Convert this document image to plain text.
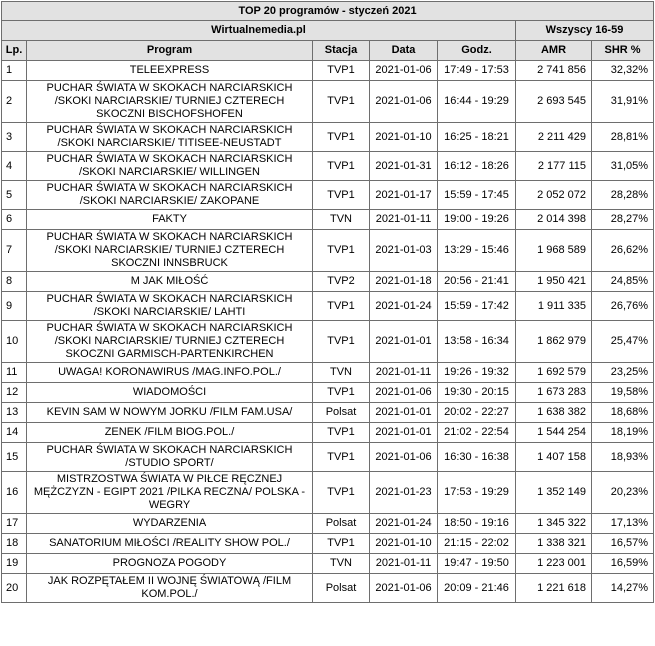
TOP 20 programów - styczeń 2021						
Wirtualnemedia.pl					Wszyscy 16-59	
Lp.	Program	Stacja	Data	Godz.	AMR	SHR %
1	TELEEXPRESS	TVP1	2021-01-06	17:49 - 17:53	2 741 856	32,32%
2	PUCHAR ŚWIATA W SKOKACH NARCIARSKICH /SKOKI NARCIARSKIE/ TURNIEJ CZTERECH SKOCZNI BISCHOFSHOFEN	TVP1	2021-01-06	16:44 - 19:29	2 693 545	31,91%
3	PUCHAR ŚWIATA W SKOKACH NARCIARSKICH /SKOKI NARCIARSKIE/ TITISEE-NEUSTADT	TVP1	2021-01-10	16:25 - 18:21	2 211 429	28,81%
4	PUCHAR ŚWIATA W SKOKACH NARCIARSKICH /SKOKI NARCIARSKIE/ WILLINGEN	TVP1	2021-01-31	16:12 - 18:26	2 177 115	31,05%
5	PUCHAR ŚWIATA W SKOKACH NARCIARSKICH /SKOKI NARCIARSKIE/ ZAKOPANE	TVP1	2021-01-17	15:59 - 17:45	2 052 072	28,28%
6	FAKTY	TVN	2021-01-11	19:00 - 19:26	2 014 398	28,27%
7	PUCHAR ŚWIATA W SKOKACH NARCIARSKICH /SKOKI NARCIARSKIE/ TURNIEJ CZTERECH SKOCZNI INNSBRUCK	TVP1	2021-01-03	13:29 - 15:46	1 968 589	26,62%
8	M JAK MIŁOŚĆ	TVP2	2021-01-18	20:56 - 21:41	1 950 421	24,85%
9	PUCHAR ŚWIATA W SKOKACH NARCIARSKICH /SKOKI NARCIARSKIE/ LAHTI	TVP1	2021-01-24	15:59 - 17:42	1 911 335	26,76%
10	PUCHAR ŚWIATA W SKOKACH NARCIARSKICH /SKOKI NARCIARSKIE/ TURNIEJ CZTERECH SKOCZNI GARMISCH-PARTENKIRCHEN	TVP1	2021-01-01	13:58 - 16:34	1 862 979	25,47%
11	UWAGA! KORONAWIRUS /MAG.INFO.POL./	TVN	2021-01-11	19:26 - 19:32	1 692 579	23,25%
12	WIADOMOŚCI	TVP1	2021-01-06	19:30 - 20:15	1 673 283	19,58%
13	KEVIN SAM W NOWYM JORKU /FILM FAM.USA/	Polsat	2021-01-01	20:02 - 22:27	1 638 382	18,68%
14	ZENEK /FILM BIOG.POL./	TVP1	2021-01-01	21:02 - 22:54	1 544 254	18,19%
15	PUCHAR ŚWIATA W SKOKACH NARCIARSKICH /STUDIO SPORT/	TVP1	2021-01-06	16:30 - 16:38	1 407 158	18,93%
16	MISTRZOSTWA ŚWIATA W PIŁCE RĘCZNEJ MĘŻCZYZN - EGIPT 2021 /PILKA RECZNA/ POLSKA - WEGRY	TVP1	2021-01-23	17:53 - 19:29	1 352 149	20,23%
17	WYDARZENIA	Polsat	2021-01-24	18:50 - 19:16	1 345 322	17,13%
18	SANATORIUM MIŁOŚCI /REALITY SHOW POL./	TVP1	2021-01-10	21:15 - 22:02	1 338 321	16,57%
19	PROGNOZA POGODY	TVN	2021-01-11	19:47 - 19:50	1 223 001	16,59%
20	JAK ROZPĘTAŁEM II WOJNĘ ŚWIATOWĄ /FILM KOM.POL./	Polsat	2021-01-06	20:09 - 21:46	1 221 618	14,27%
